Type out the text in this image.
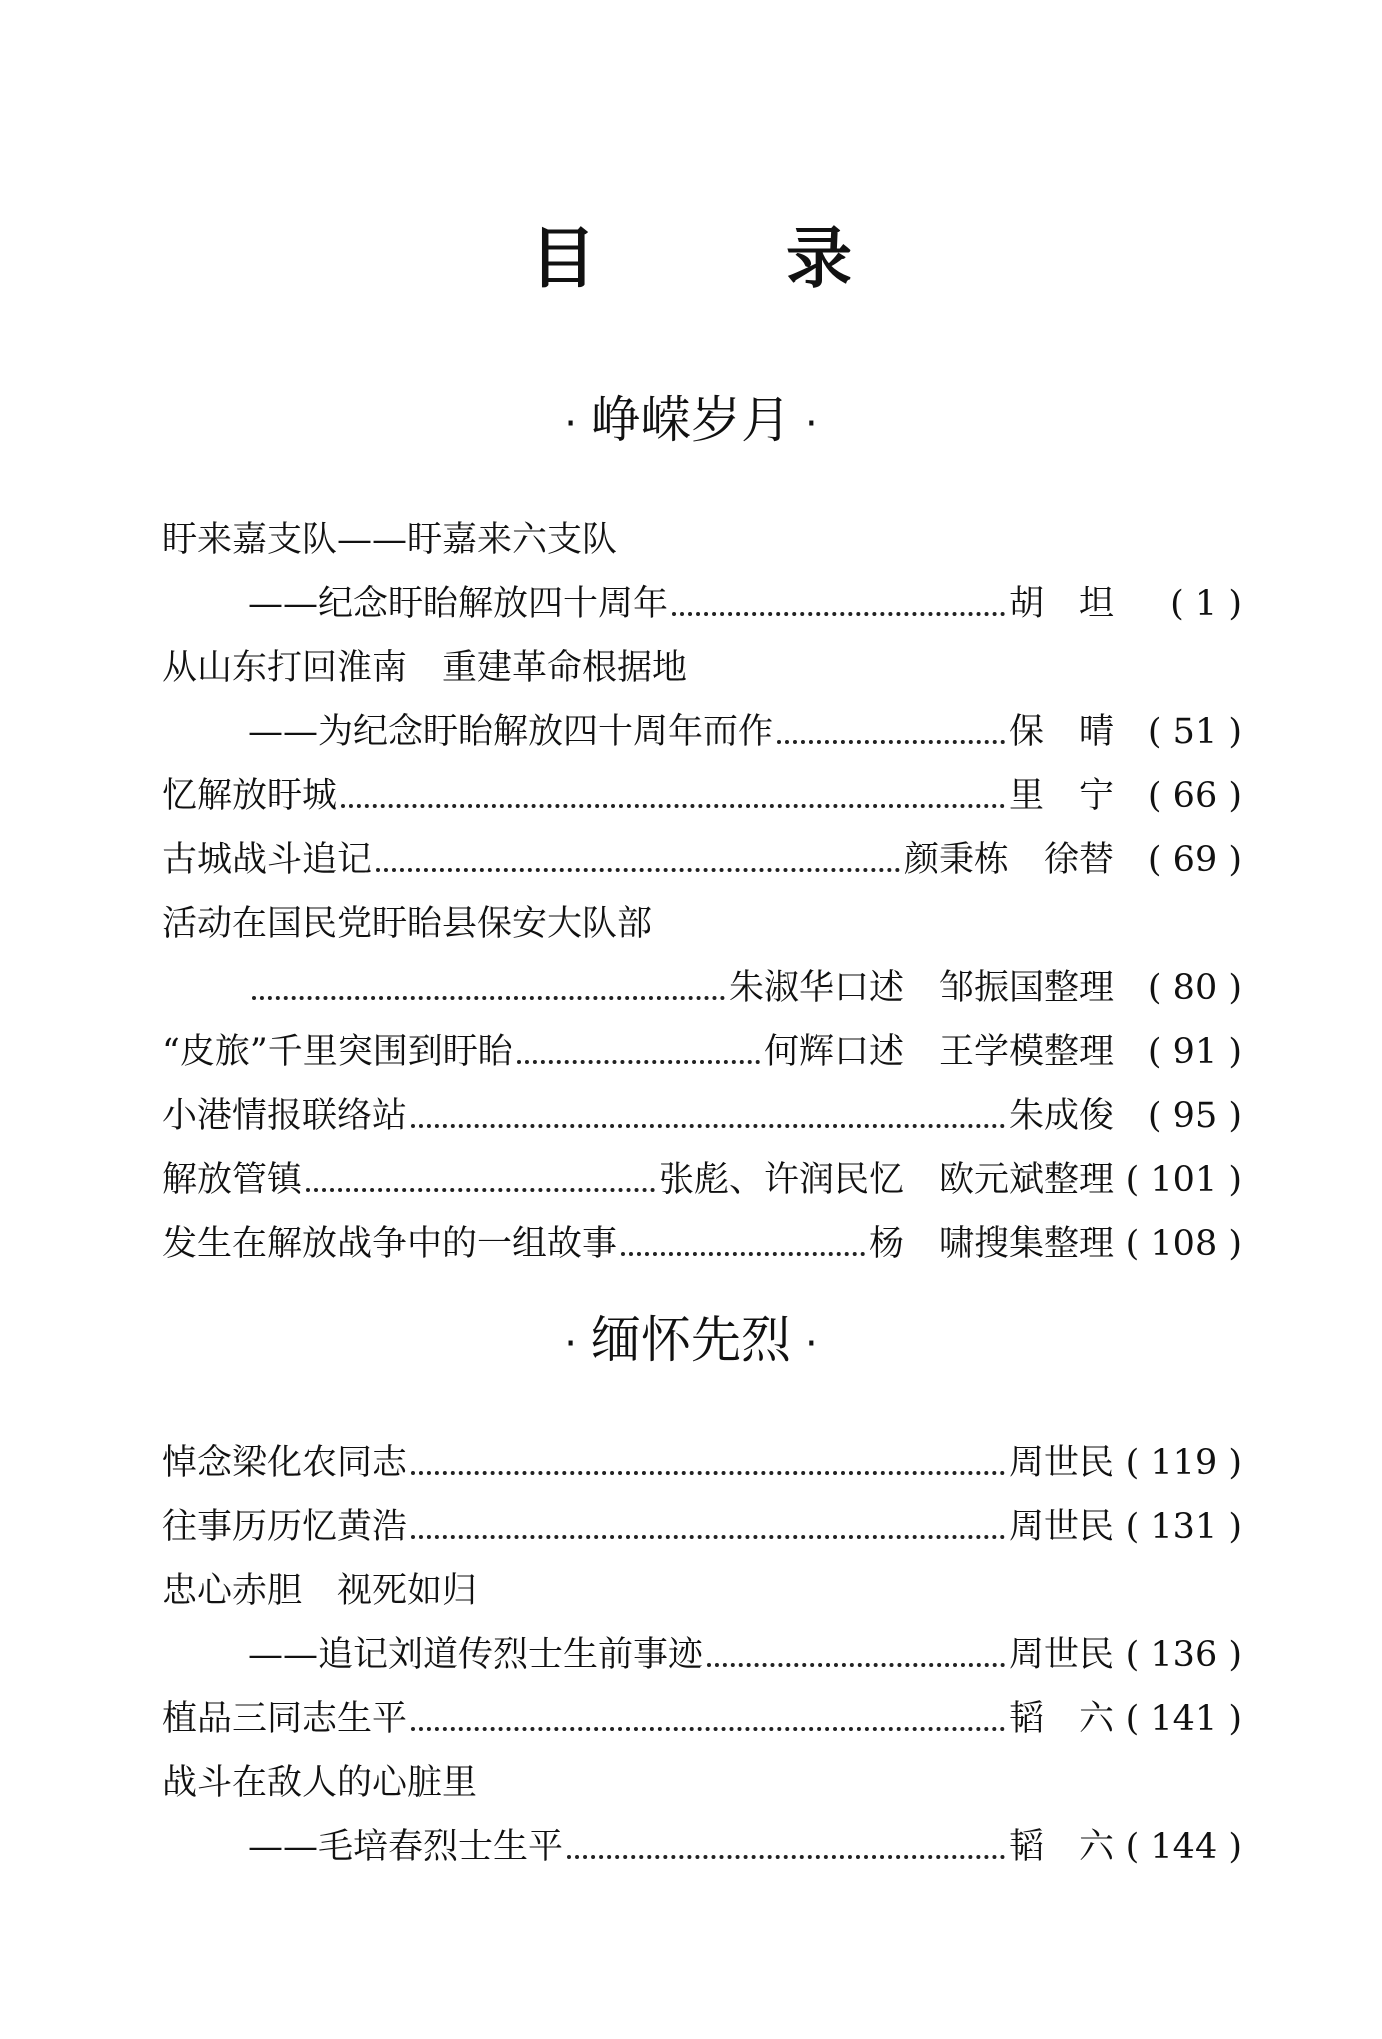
目	录
· 峥嵘岁月 ·
盱来嘉支队——盱嘉来六支队
——纪念盱眙解放四十周年	胡　坦	( 1 )
从山东打回淮南　重建革命根据地
——为纪念盱眙解放四十周年而作	保　晴 ( 51 )
忆解放盱城	里　宁 ( 66 )
古城战斗追记	颜秉栋　徐替 ( 69 )
活动在国民党盱眙县保安大队部
朱淑华口述　邹振国整理 ( 80 )
“皮旅”千里突围到盱眙	何辉口述　王学模整理 ( 91 )
小港情报联络站	朱成俊 ( 95 )
解放管镇	张彪、许润民忆　欧元斌整理 ( 101 )
发生在解放战争中的一组故事	杨　啸搜集整理 ( 108 )
· 缅怀先烈 ·
悼念梁化农同志	周世民 ( 119 )
往事历历忆黄浩	周世民 ( 131 )
忠心赤胆　视死如归
——追记刘道传烈士生前事迹	周世民 ( 136 )
植品三同志生平	韬　六 ( 141 )
战斗在敌人的心脏里
——毛培春烈士生平	韬　六 ( 144 )
